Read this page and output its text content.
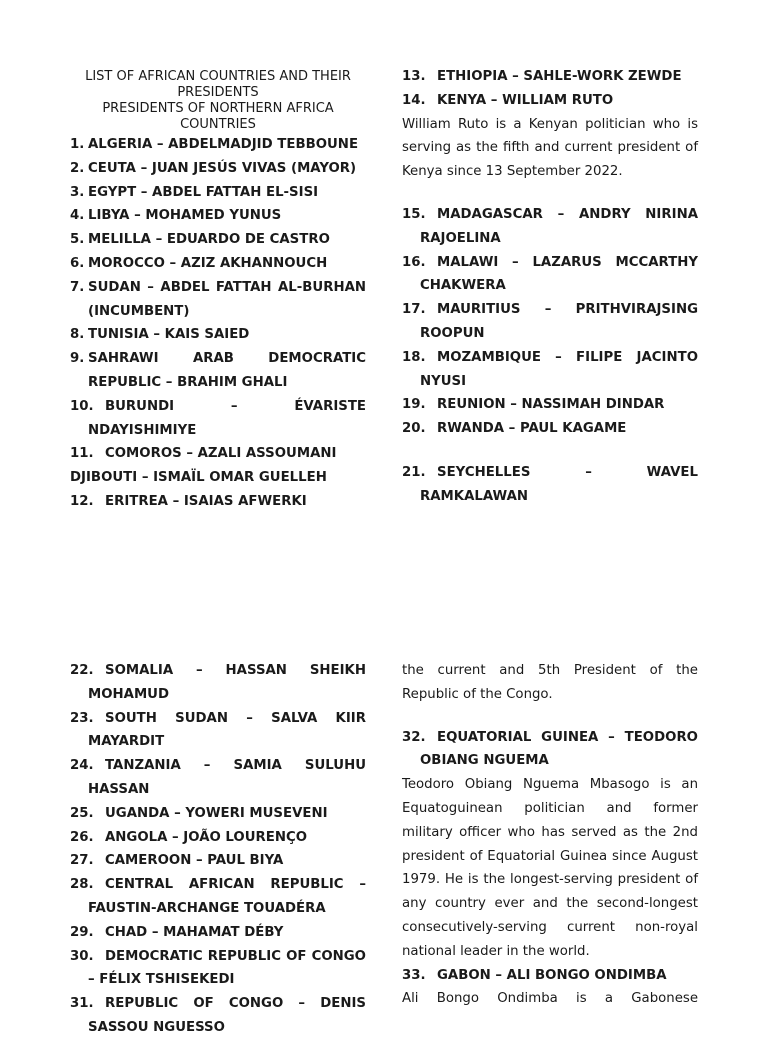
LIST OF AFRICAN COUNTRIES AND THEIR
PRESIDENTS
PRESIDENTS OF NORTHERN AFRICA
COUNTRIES

1. ALGERIA – ABDELMADJID TEBBOUNE

2. CEUTA – JUAN JESÚS VIVAS (MAYOR)

3. EGYPT – ABDEL FATTAH EL-SISI

4. LIBYA – MOHAMED YUNUS

5. MELILLA – EDUARDO DE CASTRO

6. MOROCCO – AZIZ AKHANNOUCH

7. SUDAN – ABDEL FATTAH AL-BURHAN (INCUMBENT)

8. TUNISIA – KAIS SAIED

9. SAHRAWI ARAB DEMOCRATIC REPUBLIC – BRAHIM GHALI

10. BURUNDI – ÉVARISTE NDAYISHIMIYE

11. COMOROS – AZALI ASSOUMANI

DJIBOUTI – ISMAÏL OMAR GUELLEH

12. ERITREA – ISAIAS AFWERKI

13. ETHIOPIA – SAHLE-WORK ZEWDE

14. KENYA – WILLIAM RUTO

William Ruto is a Kenyan politician who is serving as the fifth and current president of Kenya since 13 September 2022.

15. MADAGASCAR – ANDRY NIRINA RAJOELINA

16. MALAWI – LAZARUS MCCARTHY CHAKWERA

17. MAURITIUS – PRITHVIRAJSING ROOPUN

18. MOZAMBIQUE – FILIPE JACINTO NYUSI

19. REUNION – NASSIMAH DINDAR

20. RWANDA – PAUL KAGAME

21. SEYCHELLES – WAVEL RAMKALAWAN

22. SOMALIA – HASSAN SHEIKH MOHAMUD

23. SOUTH SUDAN – SALVA KIIR MAYARDIT

24. TANZANIA – SAMIA SULUHU HASSAN

25. UGANDA – YOWERI MUSEVENI

26. ANGOLA – JOÃO LOURENÇO

27. CAMEROON – PAUL BIYA

28. CENTRAL AFRICAN REPUBLIC – FAUSTIN-ARCHANGE TOUADÉRA

29. CHAD – MAHAMAT DÉBY

30. DEMOCRATIC REPUBLIC OF CONGO – FÉLIX TSHISEKEDI

31. REPUBLIC OF CONGO – DENIS SASSOU NGUESSO

the current and 5th President of the Republic of the Congo.

32. EQUATORIAL GUINEA – TEODORO OBIANG NGUEMA

Teodoro Obiang Nguema Mbasogo is an Equatoguinean politician and former military officer who has served as the 2nd president of Equatorial Guinea since August 1979. He is the longest-serving president of any country ever and the second-longest consecutively-serving current non-royal national leader in the world.

33. GABON – ALI BONGO ONDIMBA

Ali Bongo Ondimba is a Gabonese
